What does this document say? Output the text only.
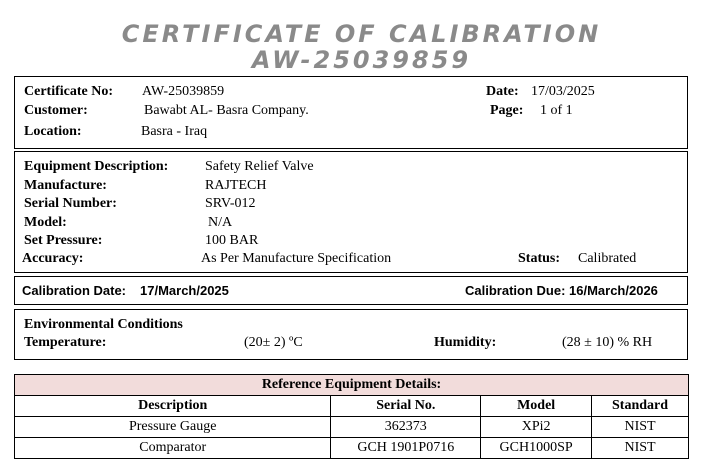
CERTIFICATE OF CALIBRATION
AW-25039859
Certificate No: AW-25039859
Customer:	Bawabt AL- Basra Company.
Location:	Basra - Iraq
Date: 17/03/2025
Page: 1 of 1
Equipment Description:	Safety Relief Valve
Manufacture:	RAJTECH
Serial Number:	SRV-012
Model:	N/A
Set Pressure:	100 BAR
Accuracy:	As Per Manufacture Specification	Status: Calibrated
Calibration Date: 17/March/2025	Calibration Due: 16/March/2026
Environmental Conditions
Temperature:	(20± 2) ºC	Humidity:	(28 ± 10) % RH
Reference Equipment Details:			
Description	Serial No.	Model	Standard
Pressure Gauge	362373	XPi2	NIST
Comparator	GCH 1901P0716	GCH1000SP	NIST
